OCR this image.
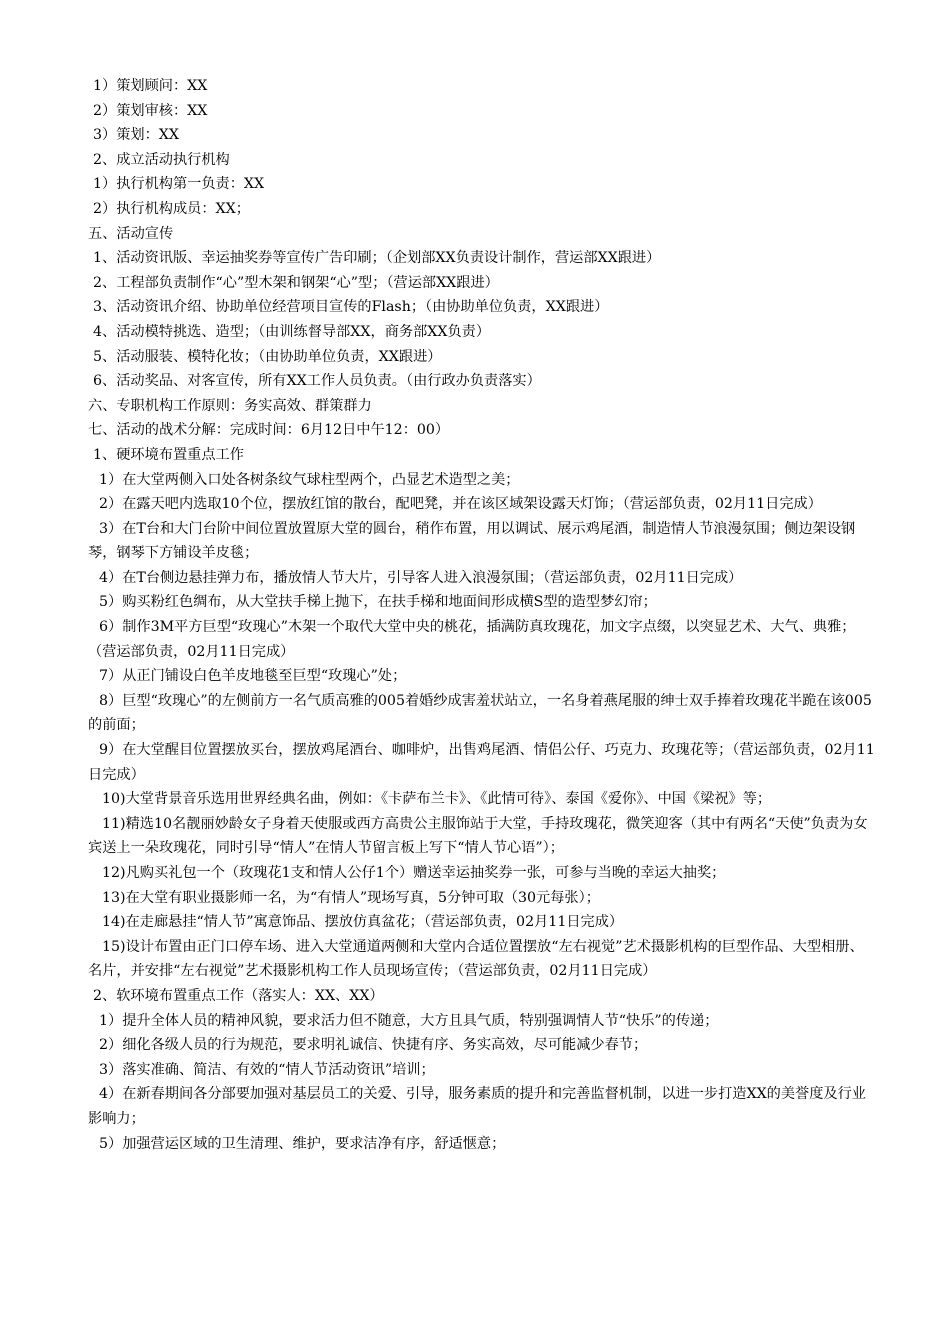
1）策划顾问：XX

2）策划审核：XX

3）策划：XX

2、成立活动执行机构

1）执行机构第一负责：XX

2）执行机构成员：XX；

五、活动宣传

1、活动资讯版、幸运抽奖券等宣传广告印刷；（企划部XX负责设计制作，营运部XX跟进）

2、工程部负责制作“心”型木架和钢架“心”型；（营运部XX跟进）

3、活动资讯介绍、协助单位经营项目宣传的Flash；（由协助单位负责，XX跟进）

4、活动模特挑选、造型；（由训练督导部XX，商务部XX负责）

5、活动服装、模特化妆；（由协助单位负责，XX跟进）

6、活动奖品、对客宣传，所有XX工作人员负责。（由行政办负责落实）

六、专职机构工作原则：务实高效、群策群力

七、活动的战术分解：完成时间：6月12日中午12：00）

1、硬环境布置重点工作

1）在大堂两侧入口处各树条纹气球柱型两个，凸显艺术造型之美；

2）在露天吧内选取10个位，摆放红馆的散台，配吧凳，并在该区域架设露天灯饰；（营运部负责，02月11日完成）

3）在T台和大门台阶中间位置放置原大堂的圆台，稍作布置，用以调试、展示鸡尾酒，制造情人节浪漫氛围；侧边架设钢琴，钢琴下方铺设羊皮毯；

4）在T台侧边悬挂弹力布，播放情人节大片，引导客人进入浪漫氛围；（营运部负责，02月11日完成）

5）购买粉红色绸布，从大堂扶手梯上抛下，在扶手梯和地面间形成横S型的造型梦幻帘；

6）制作3M平方巨型“玫瑰心”木架一个取代大堂中央的桃花，插满防真玫瑰花，加文字点缀，以突显艺术、大气、典雅；（营运部负责，02月11日完成）

7）从正门铺设白色羊皮地毯至巨型“玫瑰心”处；

8）巨型“玫瑰心”的左侧前方一名气质高雅的005着婚纱成害羞状站立，一名身着燕尾服的绅士双手捧着玫瑰花半跪在该005的前面；

9）在大堂醒目位置摆放买台，摆放鸡尾酒台、咖啡炉，出售鸡尾酒、情侣公仔、巧克力、玫瑰花等；（营运部负责，02月11日完成）

10)大堂背景音乐选用世界经典名曲，例如：《卡萨布兰卡》、《此情可待》、泰国《爱你》、中国《梁祝》等；

11)精选10名靓丽妙龄女子身着天使服或西方高贵公主服饰站于大堂，手持玫瑰花，微笑迎客（其中有两名“天使”负责为女宾送上一朵玫瑰花，同时引导“情人”在情人节留言板上写下“情人节心语”）；

12)凡购买礼包一个（玫瑰花1支和情人公仔1个）赠送幸运抽奖券一张，可参与当晚的幸运大抽奖；

13)在大堂有职业摄影师一名，为“有情人”现场写真，5分钟可取（30元每张）；

14)在走廊悬挂“情人节”寓意饰品、摆放仿真盆花；（营运部负责，02月11日完成）

15)设计布置由正门口停车场、进入大堂通道两侧和大堂内合适位置摆放“左右视觉”艺术摄影机构的巨型作品、大型相册、名片，并安排“左右视觉”艺术摄影机构工作人员现场宣传；（营运部负责，02月11日完成）

2、软环境布置重点工作（落实人：XX、XX）

1）提升全体人员的精神风貌，要求活力但不随意，大方且具气质，特别强调情人节“快乐”的传递；

2）细化各级人员的行为规范，要求明礼诚信、快捷有序、务实高效，尽可能减少春节；

3）落实准确、简洁、有效的“情人节活动资讯”培训；

4）在新春期间各分部要加强对基层员工的关爱、引导，服务素质的提升和完善监督机制，以进一步打造XX的美誉度及行业影响力；

5）加强营运区域的卫生清理、维护，要求洁净有序，舒适惬意；
